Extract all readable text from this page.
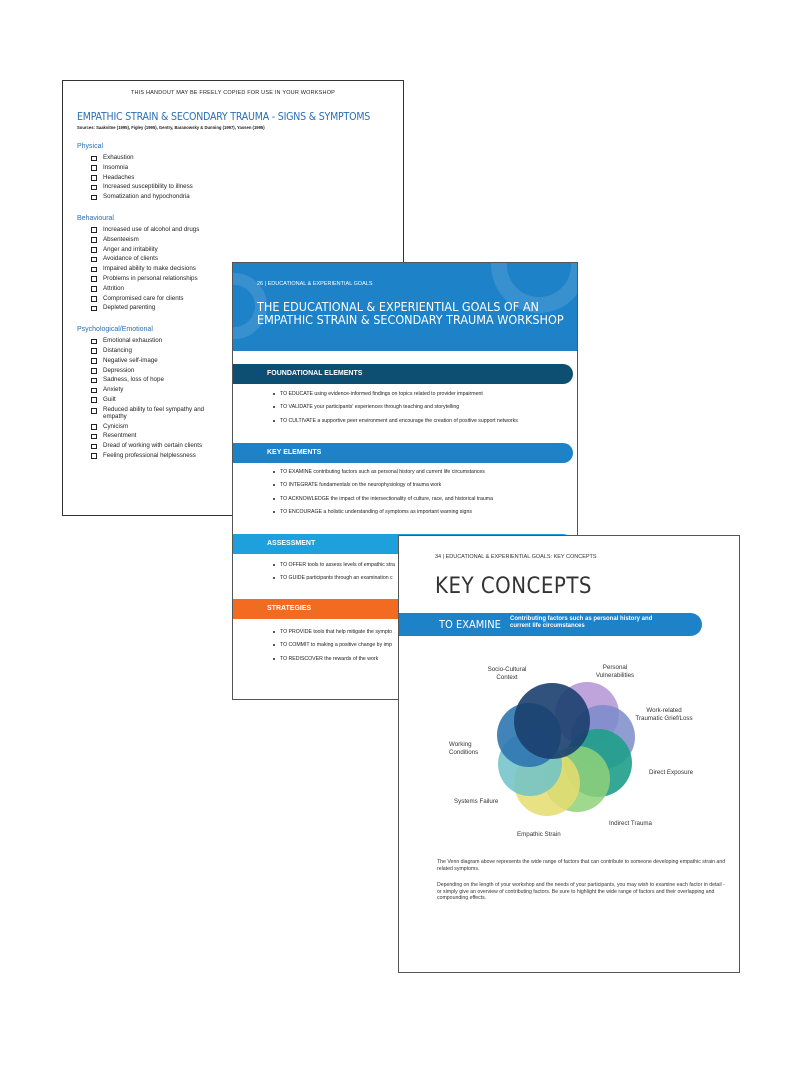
THIS HANDOUT MAY BE FREELY COPIED FOR USE IN YOUR WORKSHOP
EMPATHIC STRAIN & SECONDARY TRAUMA - SIGNS & SYMPTOMS
Sources: Saakvitne (1995), Figley (1995), Gentry, Baranowsky & Dunning (1997), Yassen (1995)
Physical
Exhaustion
Insomnia
Headaches
Increased susceptibility to illness
Somatization and hypochondria
Behavioural
Increased use of alcohol and drugs
Absenteeism
Anger and irritability
Avoidance of clients
Impaired ability to make decisions
Problems in personal relationships
Attrition
Compromised care for clients
Depleted parenting
Psychological/Emotional
Emotional exhaustion
Distancing
Negative self-image
Depression
Sadness, loss of hope
Anxiety
Guilt
Reduced ability to feel sympathy and empathy
Cynicism
Resentment
Dread of working with certain clients
Feeling professional helplessness
26 | EDUCATIONAL & EXPERIENTIAL GOALS
THE EDUCATIONAL & EXPERIENTIAL GOALS OF AN
EMPATHIC STRAIN & SECONDARY TRAUMA WORKSHOP
FOUNDATIONAL ELEMENTS
TO EDUCATE using evidence-informed findings on topics related to provider impairment
TO VALIDATE your participants' experiences through teaching and storytelling
TO CULTIVATE a supportive peer environment and encourage the creation of positive support networks
KEY ELEMENTS
TO EXAMINE contributing factors such as personal history and current life circumstances
TO INTEGRATE fundamentals on the neurophysiology of trauma work
TO ACKNOWLEDGE the impact of the intersectionality of culture, race, and historical trauma
TO ENCOURAGE a holistic understanding of symptoms as important warning signs
ASSESSMENT
TO OFFER tools to assess levels of empathic stra
TO GUIDE participants through an examination c
STRATEGIES
TO PROVIDE tools that help mitigate the sympto
TO COMMIT to making a positive change by imp
TO REDISCOVER the rewards of the work
34 | EDUCATIONAL & EXPERIENTIAL GOALS: KEY CONCEPTS
KEY CONCEPTS
TO EXAMINE Contributing factors such as personal history and
current life circumstances
Socio-Cultural
Context
Personal
Vulnerabilities
Work-related
Traumatic Grief/Loss
Direct Exposure
Indirect Trauma
Empathic Strain
Systems Failure
Working
Conditions
The Venn diagram above represents the wide range of factors that can contribute to someone developing empathic strain and related symptoms.
Depending on the length of your workshop and the needs of your participants, you may wish to examine each factor in detail - or simply give an overview of contributing factors. Be sure to highlight the wide range of factors and their overlapping and compounding effects.
